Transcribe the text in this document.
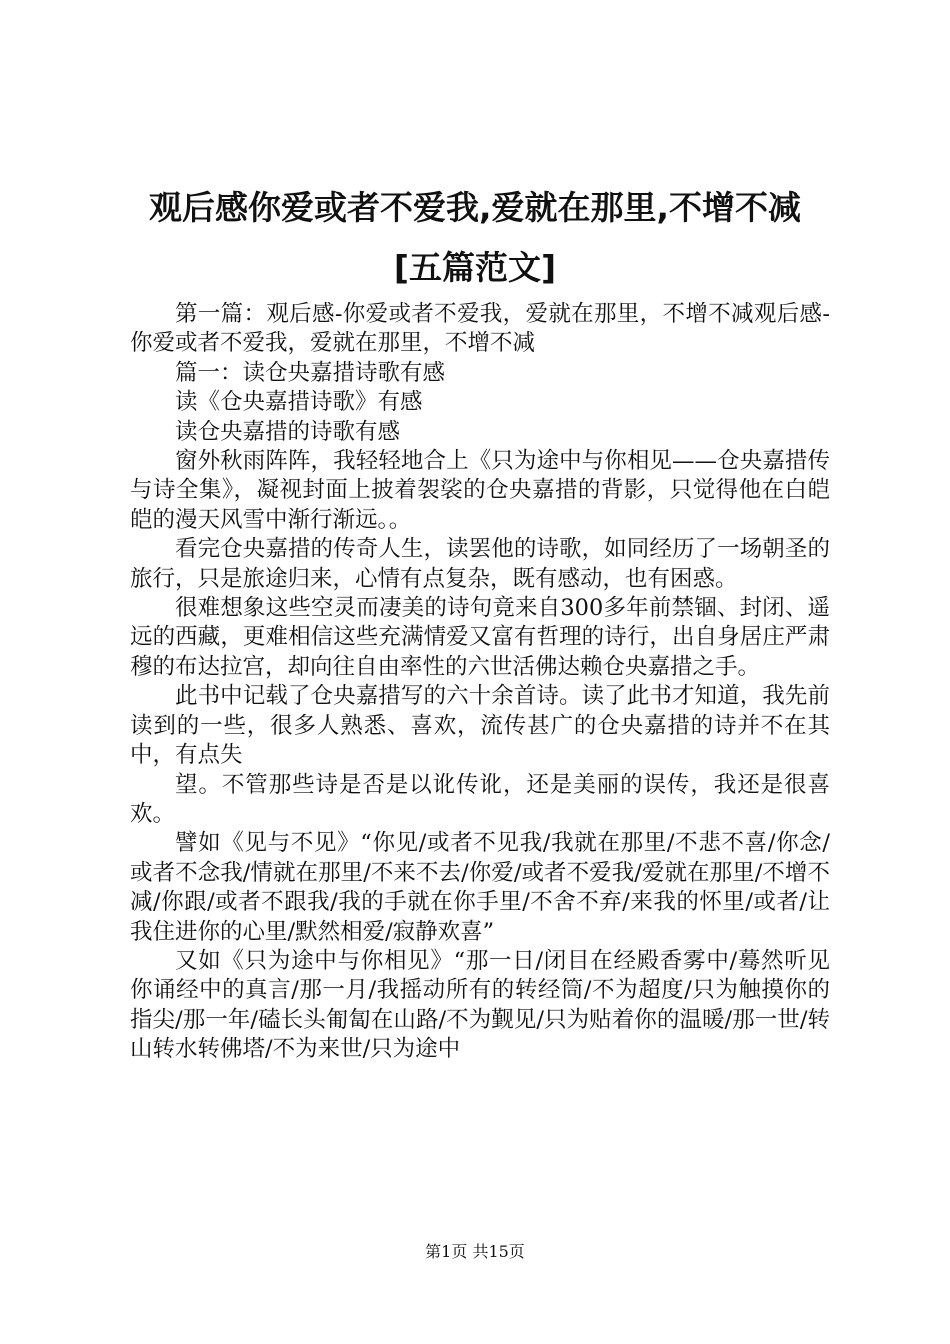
观后感你爱或者不爱我,爱就在那里,不增不减
[五篇范文]

第一篇：观后感-你爱或者不爱我，爱就在那里，不增不减观后感-你爱或者不爱我，爱就在那里，不增不减

篇一：读仓央嘉措诗歌有感

读《仓央嘉措诗歌》有感

读仓央嘉措的诗歌有感

窗外秋雨阵阵，我轻轻地合上《只为途中与你相见——仓央嘉措传与诗全集》，凝视封面上披着袈裟的仓央嘉措的背影，只觉得他在白皑皑的漫天风雪中渐行渐远。。

看完仓央嘉措的传奇人生，读罢他的诗歌，如同经历了一场朝圣的旅行，只是旅途归来，心情有点复杂，既有感动，也有困惑。

很难想象这些空灵而凄美的诗句竟来自300多年前禁锢、封闭、遥远的西藏，更难相信这些充满情爱又富有哲理的诗行，出自身居庄严肃穆的布达拉宫，却向往自由率性的六世活佛达赖仓央嘉措之手。

此书中记载了仓央嘉措写的六十余首诗。读了此书才知道，我先前读到的一些，很多人熟悉、喜欢，流传甚广的仓央嘉措的诗并不在其中，有点失

望。不管那些诗是否是以讹传讹，还是美丽的误传，我还是很喜欢。

譬如《见与不见》“你见/或者不见我/我就在那里/不悲不喜/你念/或者不念我/情就在那里/不来不去/你爱/或者不爱我/爱就在那里/不增不减/你跟/或者不跟我/我的手就在你手里/不舍不弃/来我的怀里/或者/让我住进你的心里/默然相爱/寂静欢喜”

又如《只为途中与你相见》“那一日/闭目在经殿香雾中/蓦然听见你诵经中的真言/那一月/我摇动所有的转经筒/不为超度/只为触摸你的指尖/那一年/磕长头匍匐在山路/不为觐见/只为贴着你的温暖/那一世/转山转水转佛塔/不为来世/只为途中

第1页 共15页
